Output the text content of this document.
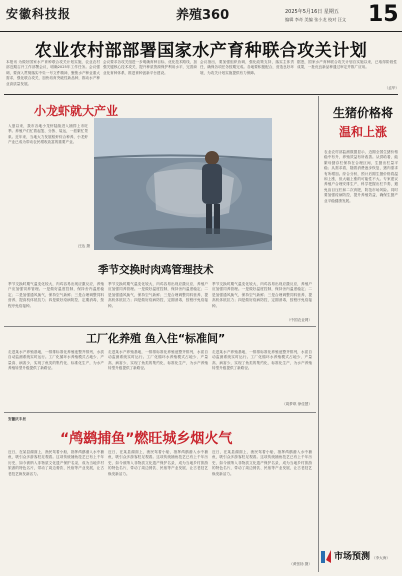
安徽科技报	养殖360	2025年5月16日 星期五
编辑 李奇 美编 张小龙 校对 汪文 15
农业农村部部署国家水产育种联合攻关计划
本报讯 为做好国家水产育种联合攻关计划实施，农业农村部近期召开工作部署会议，明确2025年工作任务。会议强调，要深入贯彻落实中央一号文件精神，聚焦水产种业重大需求，强化联合攻关，加快培育突破性新品种，推动水产种业高质量发展。
会议要求各攻关组进一步明确育种目标，优化技术路线，加强关键核心技术攻关，提升种质资源保护利用水平，完善商业化育种体系，推进育种创新平台建设。
会议指出，要加强组织协调，强化政策支持，落实主体责任，确保各项任务按期完成。各地要积极配合，营造良好环境，为攻关计划实施提供有力保障。
据悉，国家水产育种联合攻关计划自实施以来，已取得阶段性成果，一批优良新品种通过审定并推广应用。
（孟华）
小龙虾就大产业
入夏以来，我市各地小龙虾陆续进入捕捞上市旺季。养殖户们忙着起笼、分拣、装运，一派繁忙景象。近年来，当地大力发展稻虾综合种养，小龙虾产业已成为带动农民增收致富的重要产业。
汪达 摄
季节交换时肉鸡管理技术
季节交换时期气温变化较大，肉鸡容易出现应激反应，养殖户应加强饲养管理。一是做好温度控制，保持舍内温度稳定；二是加强通风换气，保持空气新鲜；三是合理调整饲料营养，提高机体抵抗力；四是做好疫病防控，定期消毒，按程序免疫接种。
季节交换时期气温变化较大，肉鸡容易出现应激反应，养殖户应加强饲养管理。一是做好温度控制，保持舍内温度稳定；二是加强通风换气，保持空气新鲜；三是合理调整饲料营养，提高机体抵抗力；四是做好疫病防控，定期消毒，按程序免疫接种。
季节交换时期气温变化较大，肉鸡容易出现应激反应，养殖户应加强饲养管理。一是做好温度控制，保持舍内温度稳定；二是加强通风换气，保持空气新鲜；三是合理调整饲料营养，提高机体抵抗力；四是做好疫病防控，定期消毒，按程序免疫接种。
（中国农业网）
工厂化养殖 鱼入住“标准间”
走进某水产养殖基地，一排排标准化养殖池整齐排列，水质自动监测系统实时运行。工厂化循环水养殖模式占地少、产量高、病害少，实现了鱼类的集约化、标准化生产，为水产养殖转型升级提供了新路径。
走进某水产养殖基地，一排排标准化养殖池整齐排列，水质自动监测系统实时运行。工厂化循环水养殖模式占地少、产量高、病害少，实现了鱼类的集约化、标准化生产，为水产养殖转型升级提供了新路径。
走进某水产养殖基地，一排排标准化养殖池整齐排列，水质自动监测系统实时运行。工厂化循环水养殖模式占地少、产量高、病害少，实现了鱼类的集约化、标准化生产，为水产养殖转型升级提供了新路径。
（周梦琪 徐佳慧）
安徽庆丰县
“鸬鹚捕鱼”燃旺城乡烟火气
近日，在某县湖面上，渔民驾着小船，指挥鸬鹚潜入水中捕鱼，吸引众多游客驻足观看。这项传统捕鱼技艺已有上千年历史，如今被纳入非物质文化遗产保护名录，成为当地乡村旅游的特色名片，带动了周边餐饮、民宿等产业发展，让古老技艺焕发新活力。
近日，在某县湖面上，渔民驾着小船，指挥鸬鹚潜入水中捕鱼，吸引众多游客驻足观看。这项传统捕鱼技艺已有上千年历史，如今被纳入非物质文化遗产保护名录，成为当地乡村旅游的特色名片，带动了周边餐饮、民宿等产业发展，让古老技艺焕发新活力。
近日，在某县湖面上，渔民驾着小船，指挥鸬鹚潜入水中捕鱼，吸引众多游客驻足观看。这项传统捕鱼技艺已有上千年历史，如今被纳入非物质文化遗产保护名录，成为当地乡村旅游的特色名片，带动了周边餐饮、民宿等产业发展，让古老技艺焕发新活力。
（黄张扬 摄）
生猪价格将
温和上涨
农业农村部监测数据显示，近期全国生猪价格稳中有升，养殖效益有所改善。从供给看，能繁母猪存栏保持在合理区间，生猪出栏量平稳；从需求看，随着消费逐步恢复，猪肉需求有所增加。综合分析，预计后期生猪价格将温和上涨，但大幅上涨的可能性不大。专家建议养殖户合理安排生产，科学把握出栏节奏，避免盲目压栏和二次育肥，防范市场风险。同时要加强疫病防控，提升养殖效益，确保生猪产业平稳健康发展。
市场预测 （李大海）
